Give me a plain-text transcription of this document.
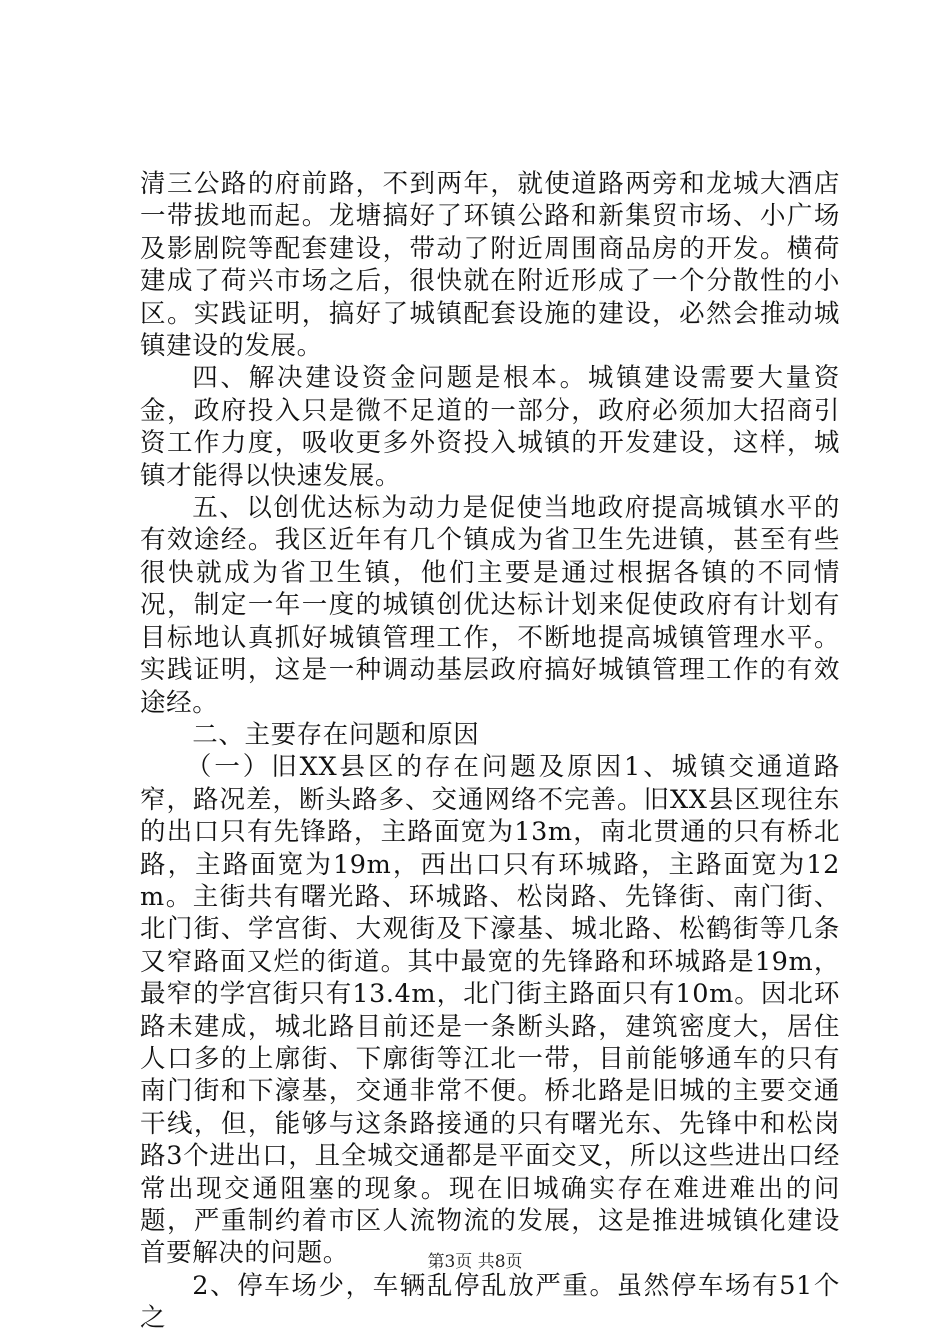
清三公路的府前路，不到两年，就使道路两旁和龙城大酒店一带拔地而起。龙塘搞好了环镇公路和新集贸市场、小广场及影剧院等配套建设，带动了附近周围商品房的开发。横荷建成了荷兴市场之后，很快就在附近形成了一个分散性的小区。实践证明，搞好了城镇配套设施的建设，必然会推动城镇建设的发展。

四、解决建设资金问题是根本。城镇建设需要大量资金，政府投入只是微不足道的一部分，政府必须加大招商引资工作力度，吸收更多外资投入城镇的开发建设，这样，城镇才能得以快速发展。

五、以创优达标为动力是促使当地政府提高城镇水平的有效途经。我区近年有几个镇成为省卫生先进镇，甚至有些很快就成为省卫生镇，他们主要是通过根据各镇的不同情况，制定一年一度的城镇创优达标计划来促使政府有计划有目标地认真抓好城镇管理工作，不断地提高城镇管理水平。实践证明，这是一种调动基层政府搞好城镇管理工作的有效途经。

二、主要存在问题和原因

（一）旧XX县区的存在问题及原因1、城镇交通道路窄，路况差，断头路多、交通网络不完善。旧XX县区现往东的出口只有先锋路，主路面宽为13m，南北贯通的只有桥北路，主路面宽为19m，西出口只有环城路，主路面宽为12m。主街共有曙光路、环城路、松岗路、先锋街、南门街、北门街、学宫街、大观街及下濠基、城北路、松鹤街等几条又窄路面又烂的街道。其中最宽的先锋路和环城路是19m，最窄的学宫街只有13.4m，北门街主路面只有10m。因北环路未建成，城北路目前还是一条断头路，建筑密度大，居住人口多的上廓街、下廓街等江北一带，目前能够通车的只有南门街和下濠基，交通非常不便。桥北路是旧城的主要交通干线，但，能够与这条路接通的只有曙光东、先锋中和松岗路3个进出口，且全城交通都是平面交叉，所以这些进出口经常出现交通阻塞的现象。现在旧城确实存在难进难出的问题，严重制约着市区人流物流的发展，这是推进城镇化建设首要解决的问题。

2、停车场少，车辆乱停乱放严重。虽然停车场有51个之

第3页 共8页
